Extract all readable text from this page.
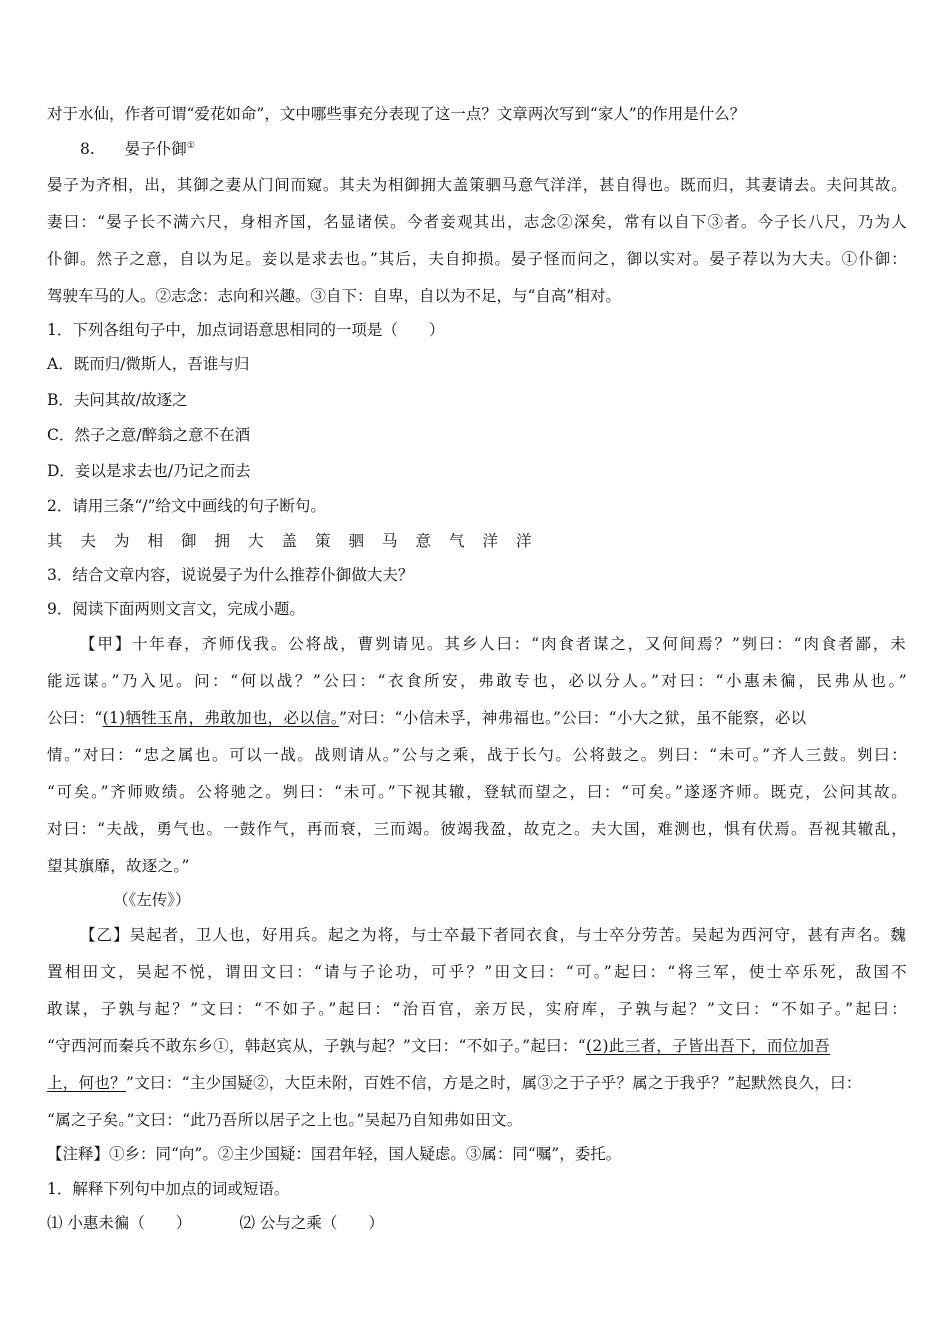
对于水仙，作者可谓“爱花如命”，文中哪些事充分表现了这一点？文章两次写到“家人”的作用是什么？
8. 晏子仆御①
晏子为齐相，出，其御之妻从门间而窥。其夫为相御拥大盖策驷马意气洋洋，甚自得也。既而归，其妻请去。夫问其故。
妻曰：“晏子长不满六尺，身相齐国，名显诸侯。今者妾观其出，志念②深矣，常有以自下③者。今子长八尺，乃为人
仆御。然子之意，自以为足。妾以是求去也。”其后，夫自抑损。晏子怪而问之，御以实对。晏子荐以为大夫。①仆御：
驾驶车马的人。②志念：志向和兴趣。③自下：自卑，自以为不足，与“自高”相对。
1．下列各组句子中，加点词语意思相同的一项是（　　）
A．既而归/微斯人，吾谁与归
B．夫问其故/故逐之
C．然子之意/醉翁之意不在酒
D．妾以是求去也/乃记之而去
2．请用三条“/”给文中画线的句子断句。
其夫为相御拥大盖策驷马意气洋洋
3．结合文章内容，说说晏子为什么推荐仆御做大夫？
9．阅读下面两则文言文，完成小题。
【甲】十年春，齐师伐我。公将战，曹刿请见。其乡人曰：“肉食者谋之，又何间焉？”刿曰：“肉食者鄙，未
能远谋。”乃入见。问：“何以战？”公曰：“衣食所安，弗敢专也，必以分人。”对曰：“小惠未徧，民弗从也。”
公曰：“(1)牺牲玉帛，弗敢加也，必以信。”对曰：“小信未孚，神弗福也。”公曰：“小大之狱，虽不能察，必以
情。”对曰：“忠之属也。可以一战。战则请从。”公与之乘，战于长勺。公将鼓之。刿曰：“未可。”齐人三鼓。刿曰：
“可矣。”齐师败绩。公将驰之。刿曰：“未可。”下视其辙，登轼而望之，曰：“可矣。”遂逐齐师。既克，公问其故。
对曰：“夫战，勇气也。一鼓作气，再而衰，三而竭。彼竭我盈，故克之。夫大国，难测也，惧有伏焉。吾视其辙乱，
望其旗靡，故逐之。”
（《左传》）
【乙】吴起者，卫人也，好用兵。起之为将，与士卒最下者同衣食，与士卒分劳苦。吴起为西河守，甚有声名。魏
置相田文，吴起不悦，谓田文曰：“请与子论功，可乎？”田文曰：“可。”起曰：“将三军，使士卒乐死，敌国不
敢谋，子孰与起？”文曰：“不如子。”起曰：“治百官，亲万民，实府库，子孰与起？”文曰：“不如子。”起曰：
“守西河而秦兵不敢东乡①，韩赵宾从，子孰与起？”文曰：“不如子。”起曰：“(2)此三者，子皆出吾下，而位加吾
上，何也？”文曰：“主少国疑②，大臣未附，百姓不信，方是之时，属③之于子乎？属之于我乎？”起默然良久，曰：
“属之子矣。”文曰：“此乃吾所以居子之上也。”吴起乃自知弗如田文。
【注释】①乡：同“向”。②主少国疑：国君年轻，国人疑虑。③属：同“嘱”，委托。
1．解释下列句中加点的词或短语。
⑴ 小惠未徧（　　）	⑵ 公与之乘（　　）
